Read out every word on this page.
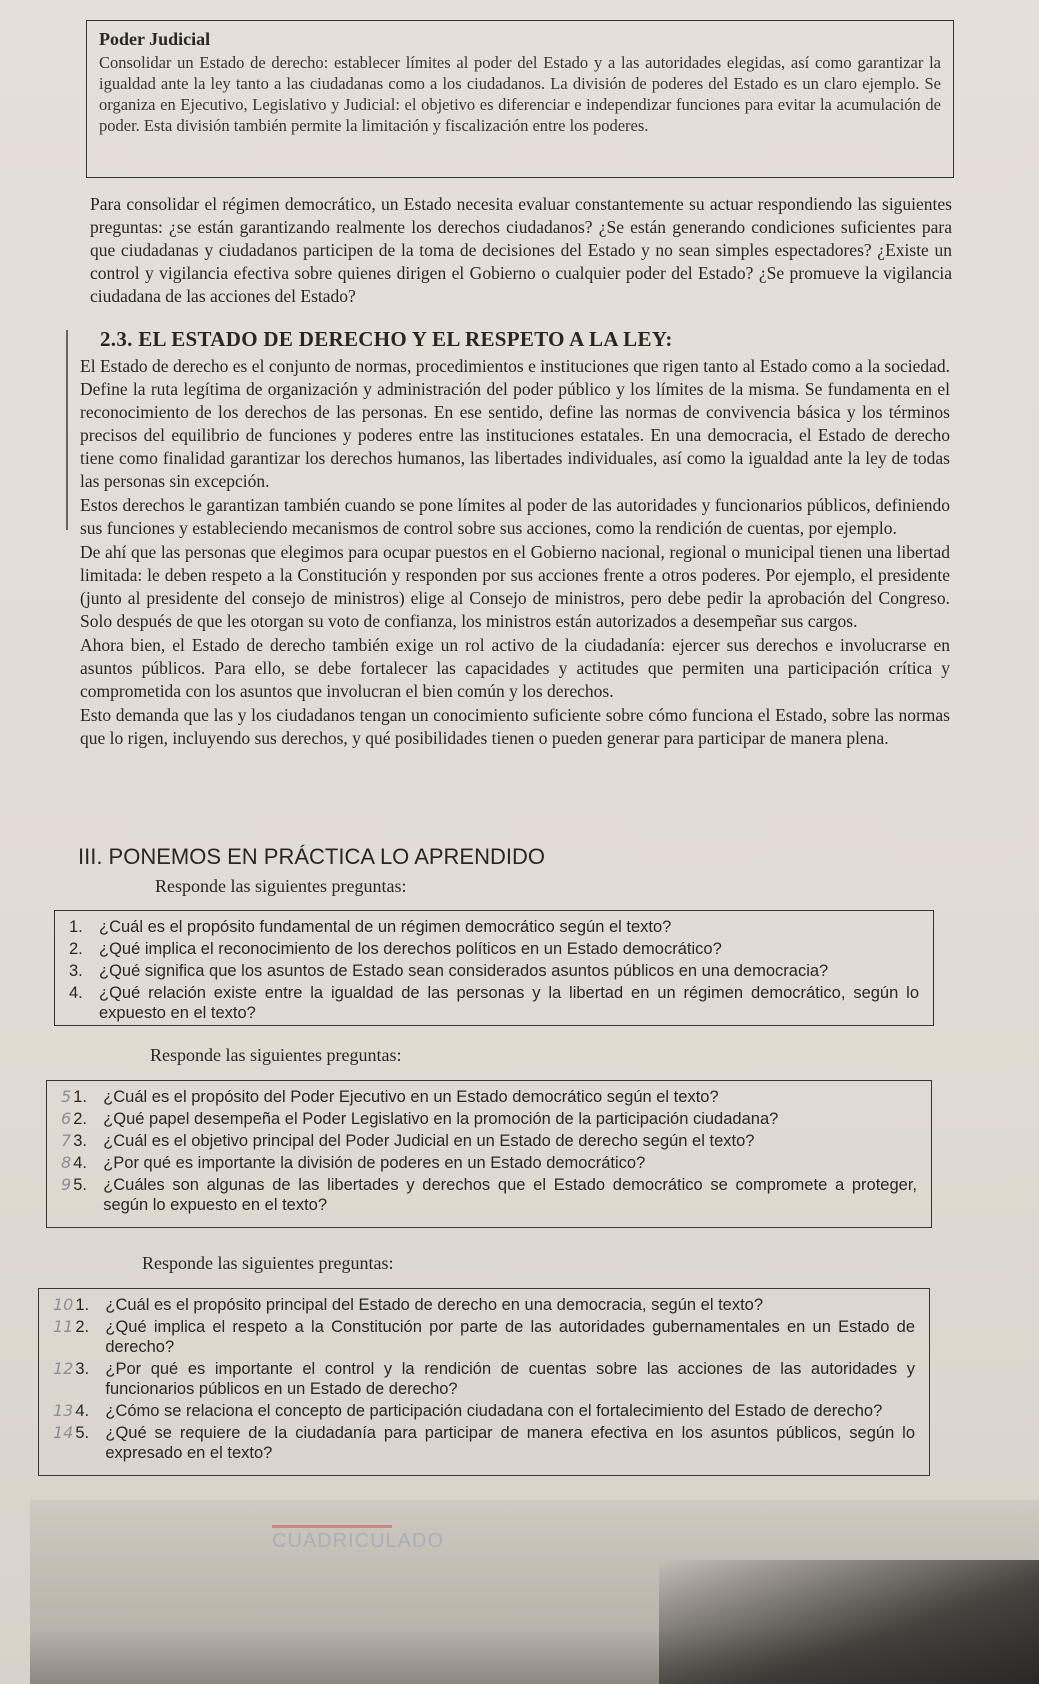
Poder Judicial

Consolidar un Estado de derecho: establecer límites al poder del Estado y a las autoridades elegidas, así como garantizar la igualdad ante la ley tanto a las ciudadanas como a los ciudadanos. La división de poderes del Estado es un claro ejemplo. Se organiza en Ejecutivo, Legislativo y Judicial: el objetivo es diferenciar e independizar funciones para evitar la acumulación de poder. Esta división también permite la limitación y fiscalización entre los poderes.

Para consolidar el régimen democrático, un Estado necesita evaluar constantemente su actuar respondiendo las siguientes preguntas: ¿se están garantizando realmente los derechos ciudadanos? ¿Se están generando condiciones suficientes para que ciudadanas y ciudadanos participen de la toma de decisiones del Estado y no sean simples espectadores? ¿Existe un control y vigilancia efectiva sobre quienes dirigen el Gobierno o cualquier poder del Estado? ¿Se promueve la vigilancia ciudadana de las acciones del Estado?

2.3. EL ESTADO DE DERECHO Y EL RESPETO A LA LEY:

El Estado de derecho es el conjunto de normas, procedimientos e instituciones que rigen tanto al Estado como a la sociedad. Define la ruta legítima de organización y administración del poder público y los límites de la misma. Se fundamenta en el reconocimiento de los derechos de las personas. En ese sentido, define las normas de convivencia básica y los términos precisos del equilibrio de funciones y poderes entre las instituciones estatales. En una democracia, el Estado de derecho tiene como finalidad garantizar los derechos humanos, las libertades individuales, así como la igualdad ante la ley de todas las personas sin excepción.

Estos derechos le garantizan también cuando se pone límites al poder de las autoridades y funcionarios públicos, definiendo sus funciones y estableciendo mecanismos de control sobre sus acciones, como la rendición de cuentas, por ejemplo.

De ahí que las personas que elegimos para ocupar puestos en el Gobierno nacional, regional o municipal tienen una libertad limitada: le deben respeto a la Constitución y responden por sus acciones frente a otros poderes. Por ejemplo, el presidente (junto al presidente del consejo de ministros) elige al Consejo de ministros, pero debe pedir la aprobación del Congreso. Solo después de que les otorgan su voto de confianza, los ministros están autorizados a desempeñar sus cargos.

Ahora bien, el Estado de derecho también exige un rol activo de la ciudadanía: ejercer sus derechos e involucrarse en asuntos públicos. Para ello, se debe fortalecer las capacidades y actitudes que permiten una participación crítica y comprometida con los asuntos que involucran el bien común y los derechos.

Esto demanda que las y los ciudadanos tengan un conocimiento suficiente sobre cómo funciona el Estado, sobre las normas que lo rigen, incluyendo sus derechos, y qué posibilidades tienen o pueden generar para participar de manera plena.

III. PONEMOS EN PRÁCTICA LO APRENDIDO
Responde las siguientes preguntas:
1. ¿Cuál es el propósito fundamental de un régimen democrático según el texto?
2. ¿Qué implica el reconocimiento de los derechos políticos en un Estado democrático?
3. ¿Qué significa que los asuntos de Estado sean considerados asuntos públicos en una democracia?
4. ¿Qué relación existe entre la igualdad de las personas y la libertad en un régimen democrático, según lo expuesto en el texto?
Responde las siguientes preguntas:
5 1. ¿Cuál es el propósito del Poder Ejecutivo en un Estado democrático según el texto?
6 2. ¿Qué papel desempeña el Poder Legislativo en la promoción de la participación ciudadana?
7 3. ¿Cuál es el objetivo principal del Poder Judicial en un Estado de derecho según el texto?
8 4. ¿Por qué es importante la división de poderes en un Estado democrático?
9 5. ¿Cuáles son algunas de las libertades y derechos que el Estado democrático se compromete a proteger, según lo expuesto en el texto?
Responde las siguientes preguntas:
10 1. ¿Cuál es el propósito principal del Estado de derecho en una democracia, según el texto?
11 2. ¿Qué implica el respeto a la Constitución por parte de las autoridades gubernamentales en un Estado de derecho?
12 3. ¿Por qué es importante el control y la rendición de cuentas sobre las acciones de las autoridades y funcionarios públicos en un Estado de derecho?
13 4. ¿Cómo se relaciona el concepto de participación ciudadana con el fortalecimiento del Estado de derecho?
14 5. ¿Qué se requiere de la ciudadanía para participar de manera efectiva en los asuntos públicos, según lo expresado en el texto?
CUADRICULADO
